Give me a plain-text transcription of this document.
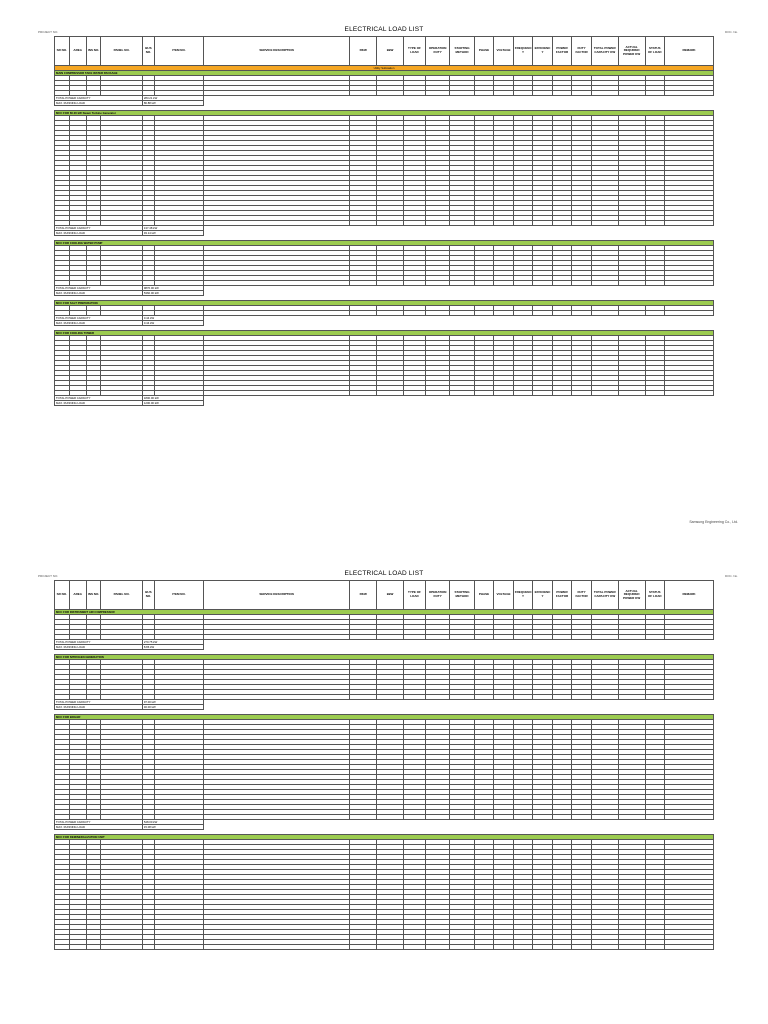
PROJECT NO.	ELECTRICAL LOAD LIST	DOC. No.
SR NO.	AREA	INS NO.	PANEL NO.	BUS NO.	ITEM NO.	SERVICE DESCRIPTION	RKW	BkW	TYPE OF LOAD	OPERATION DUTY	STARTING METHOD	PHASE	VOLTAGE	FREQUENC Y	EFFICIENC Y	POWER FACTOR	DUTY FACTOR	TOTAL POWER CAPACITY KW	ACTUAL REQUIRED POWER KW	STATUS OF LOAD	REMARK
Utility Substation																					
MAIN COMPRESSOR TAKE WATER PACKAGE																					

TOTAL POWER CAPACITY				283.21 kW																	
MAX. RUNNING LOAD				86.88 kW																	

MCC FOR 60.00 kW Steam Turbine Generator																					

TOTAL POWER CAPACITY				137.48 kW																	
MAX. RUNNING LOAD				93.14 kW																	

MCC FOR COOLING WATER PUMP																					

TOTAL POWER CAPACITY				9876.00 kW																	
MAX. RUNNING LOAD				5360.00 kW																	

MCC FOR SALT PREPARATION																					

TOTAL POWER CAPACITY				0.44 kW																	
MAX. RUNNING LOAD				0.44 kW																	

MCC FOR COOLING TOWER																					

TOTAL POWER CAPACITY				1800.00 kW																	
MAX. RUNNING LOAD				1200.00 kW																	

Samsung Engineering Co., Ltd.
PROJECT NO.	ELECTRICAL LOAD LIST	DOC. No.
SR NO.	AREA	INS NO.	PANEL NO.	BUS NO.	ITEM NO.	SERVICE DESCRIPTION	RKW	BkW	TYPE OF LOAD	OPERATION DUTY	STARTING METHOD	PHASE	VOLTAGE	FREQUENC Y	EFFICIENC Y	POWER FACTOR	DUTY FACTOR	TOTAL POWER CAPACITY KW	ACTUAL REQUIRED POWER KW	STATUS OF LOAD	REMARK
MCC FOR INSTRUMENT AIR COMPRESSOR																					

TOTAL POWER CAPACITY				270.75 kW																	
MAX. RUNNING LOAD				8.86 kW																	

MCC FOR NITROGEN GENERATION																					

TOTAL POWER CAPACITY				97.00 kW																	
MAX. RUNNING LOAD				46.00 kW																	

MCC FOR BOILER																					

TOTAL POWER CAPACITY				548.00 kW																	
MAX. RUNNING LOAD				15.08 kW																	

MCC FOR DEMINERALIZATION UNIT																					
